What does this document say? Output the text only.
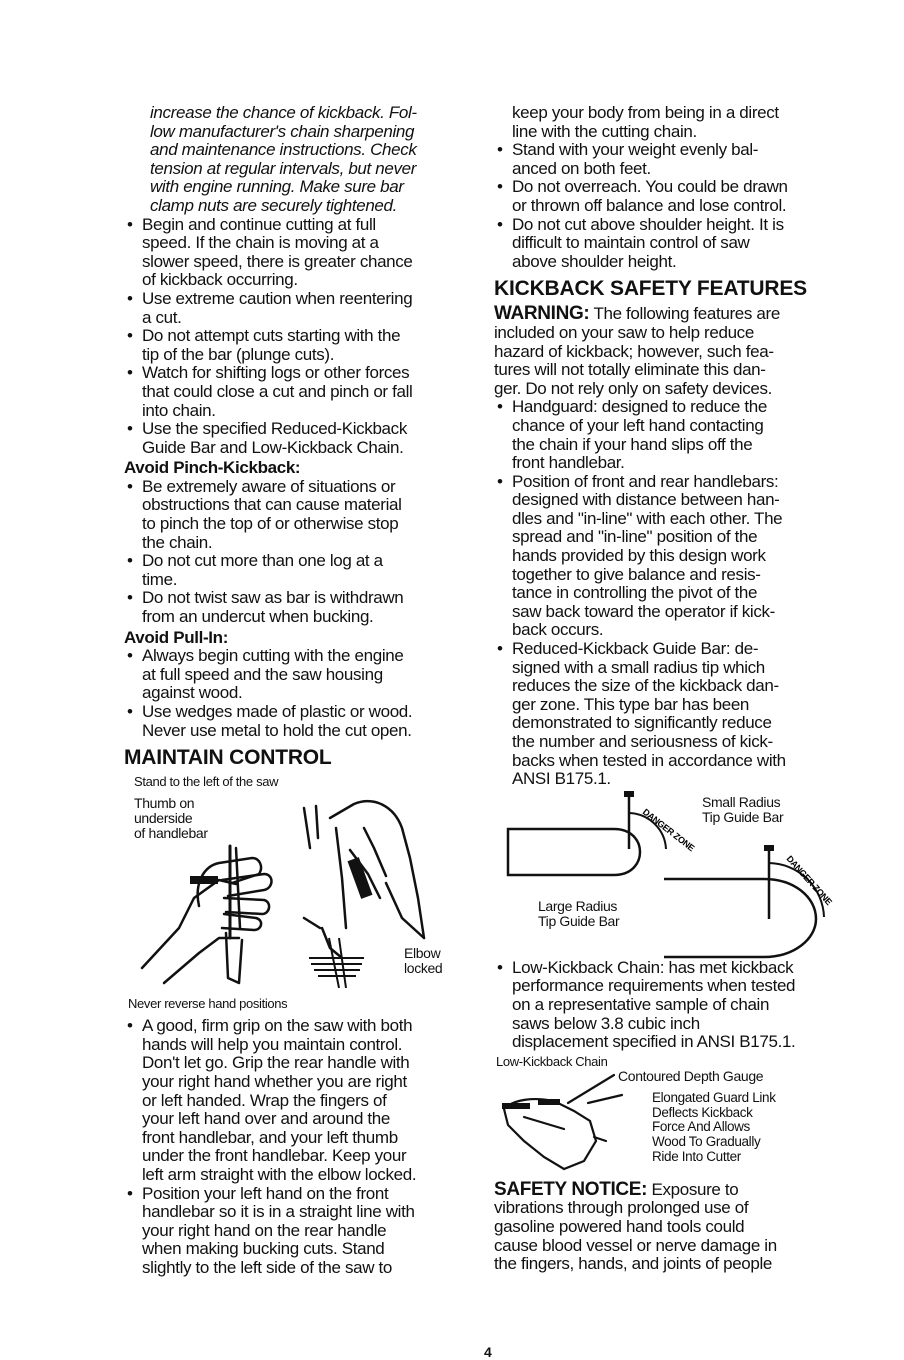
increase the chance of kickback. Fol-
low manufacturer's chain sharpening
and maintenance instructions. Check
tension at regular intervals, but never
with engine running. Make sure bar
clamp nuts are securely tightened.
• Begin and continue cutting at full
speed. If the chain is moving at a
slower speed, there is greater chance
of kickback occurring.
• Use extreme caution when reentering
a cut.
• Do not attempt cuts starting with the
tip of the bar (plunge cuts).
• Watch for shifting logs or other forces
that could close a cut and pinch or fall
into chain.
• Use the specified Reduced-Kickback
Guide Bar and Low-Kickback Chain.
Avoid Pinch-Kickback:
• Be extremely aware of situations or
obstructions that can cause material
to pinch the top of or otherwise stop
the chain.
• Do not cut more than one log at a
time.
• Do not twist saw as bar is withdrawn
from an undercut when bucking.
Avoid Pull-In:
• Always begin cutting with the engine
at full speed and the saw housing
against wood.
• Use wedges made of plastic or wood.
Never use metal to hold the cut open.
MAINTAIN CONTROL
Stand to the left of the saw
Thumb on
underside
of handlebar
Elbow
locked
Never reverse hand positions
• A good, firm grip on the saw with both
hands will help you maintain control.
Don't let go. Grip the rear handle with
your right hand whether you are right
or left handed. Wrap the fingers of
your left hand over and around the
front handlebar, and your left thumb
under the front handlebar. Keep your
left arm straight with the elbow locked.
• Position your left hand on the front
handlebar so it is in a straight line with
your right hand on the rear handle
when making bucking cuts. Stand
slightly to the left side of the saw to
keep your body from being in a direct
line with the cutting chain.
• Stand with your weight evenly bal-
anced on both feet.
• Do not overreach. You could be drawn
or thrown off balance and lose control.
• Do not cut above shoulder height. It is
difficult to maintain control of saw
above shoulder height.
KICKBACK SAFETY FEATURES
WARNING: The following features are
included on your saw to help reduce
hazard of kickback; however, such fea-
tures will not totally eliminate this dan-
ger. Do not rely only on safety devices.
• Handguard: designed to reduce the
chance of your left hand contacting
the chain if your hand slips off the
front handlebar.
• Position of front and rear handlebars:
designed with distance between han-
dles and "in-line" with each other. The
spread and "in-line" position of the
hands provided by this design work
together to give balance and resis-
tance in controlling the pivot of the
saw back toward the operator if kick-
back occurs.
• Reduced-Kickback Guide Bar: de-
signed with a small radius tip which
reduces the size of the kickback dan-
ger zone. This type bar has been
demonstrated to significantly reduce
the number and seriousness of kick-
backs when tested in accordance with
ANSI B175.1.
DANGER ZONE
DANGER ZONE
Small Radius
Tip Guide Bar
Large Radius
Tip Guide Bar
• Low-Kickback Chain: has met kickback
performance requirements when tested
on a representative sample of chain
saws below 3.8 cubic inch
displacement specified in ANSI B175.1.
Low-Kickback Chain
Contoured Depth Gauge
Elongated Guard Link
Deflects Kickback
Force And Allows
Wood To Gradually
Ride Into Cutter
SAFETY NOTICE: Exposure to
vibrations through prolonged use of
gasoline powered hand tools could
cause blood vessel or nerve damage in
the fingers, hands, and joints of people
4
